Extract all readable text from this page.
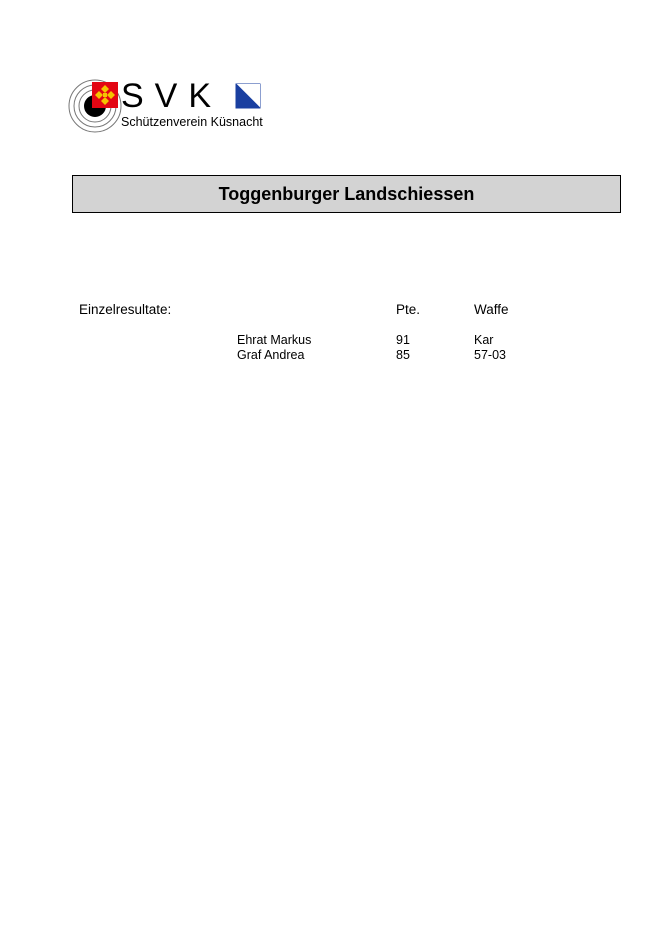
SVK
Schützenverein Küsnacht
Toggenburger Landschiessen
Einzelresultate:	Pte.	Waffe
Ehrat Markus	91	Kar
Graf Andrea	85	57-03
